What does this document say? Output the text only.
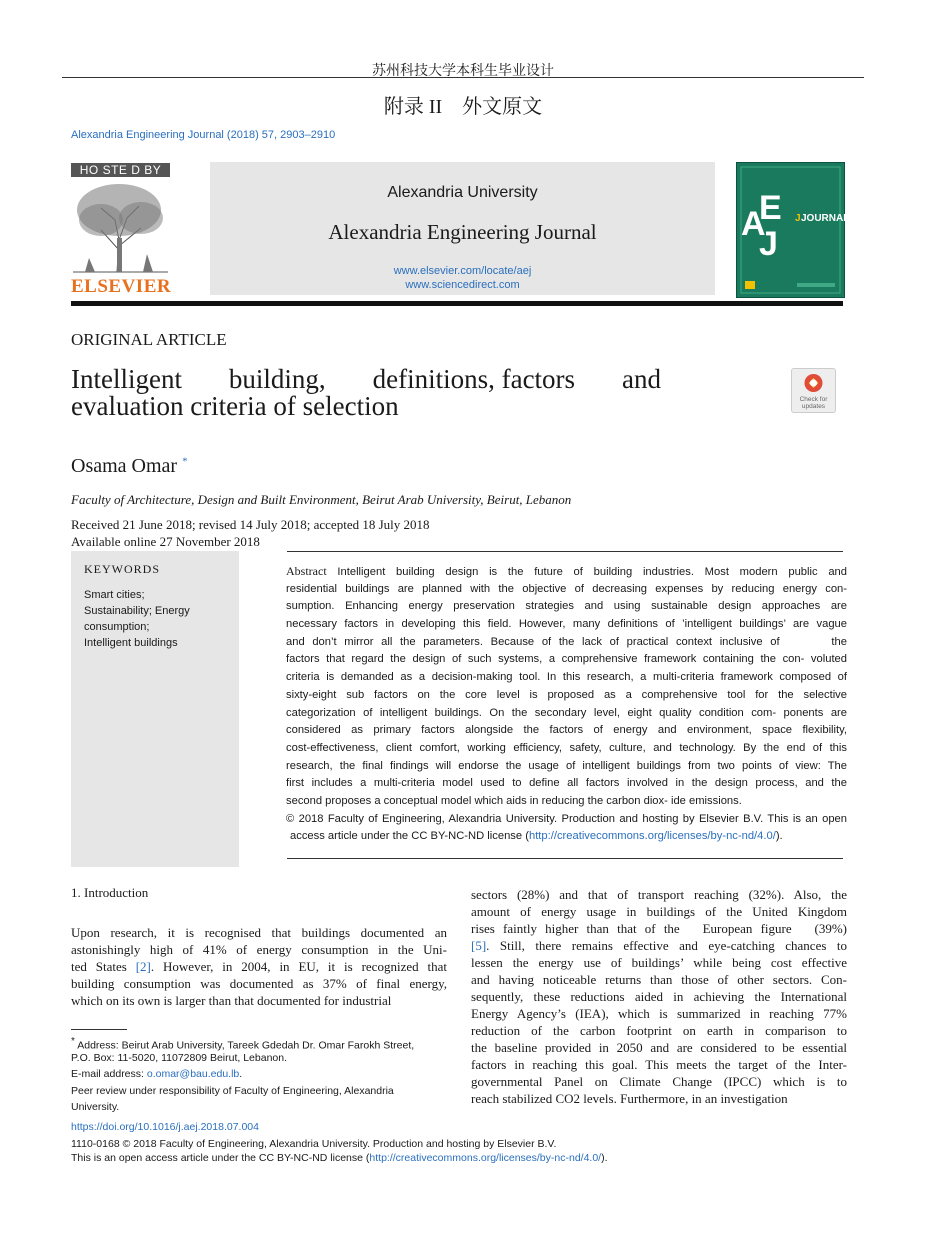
苏州科技大学本科生毕业设计
附录 II　外文原文
Alexandria Engineering Journal (2018) 57, 2903–2910
HO STE D BY
ELSEVIER
Alexandria University
Alexandria Engineering Journal
www.elsevier.com/locate/aej
www.sciencedirect.com
A
E
J
J JOURNAL
ORIGINAL ARTICLE
Intelligent building, definitions, factors and
evaluation criteria of selection	Check for
updates
Osama Omar *
Faculty of Architecture, Design and Built Environment, Beirut Arab University, Beirut, Lebanon
Received 21 June 2018; revised 14 July 2018; accepted 18 July 2018
Available online 27 November 2018
KEYWORDS
Smart cities;
Sustainability; Energy
consumption;
Intelligent buildings
Abstract Intelligent building design is the future of building industries. Most modern public and
residential buildings are planned with the objective of decreasing expenses by reducing energy con-
sumption. Enhancing energy preservation strategies and using sustainable design approaches are
necessary factors in developing this field. However, many definitions of ’intelligent buildings’ are vague
and don’t mirror all the parameters. Because of the lack of practical context inclusive of　　　the
factors that regard the design of such systems, a comprehensive framework containing the con- voluted
criteria is demanded as a decision-making tool. In this research, a multi-criteria framework composed of
sixty-eight sub factors on the core level is proposed as a comprehensive tool for the selective
categorization of intelligent buildings. On the secondary level, eight quality condition com- ponents are
considered as primary factors alongside the factors of energy and environment, space flexibility,
cost-effectiveness, client comfort, working efficiency, safety, culture, and technology. By the end of this
research, the final findings will endorse the usage of intelligent buildings from two points of view: The
first includes a multi-criteria model used to define all factors involved in the design process, and the
second proposes a conceptual model which aids in reducing the carbon diox- ide emissions.
© 2018 Faculty of Engineering, Alexandria University. Production and hosting by Elsevier B.V. This is an open
access article under the CC BY-NC-ND license (http://creativecommons.org/licenses/by-nc-nd/4.0/).
1. Introduction
Upon research, it is recognised that buildings documented an
astonishingly high of 41% of energy consumption in the Uni-
ted States [2]. However, in 2004, in EU, it is recognized that
building consumption was documented as 37% of final energy,
which on its own is larger than that documented for industrial
sectors (28%) and that of transport reaching (32%). Also, the
amount of energy usage in buildings of the United Kingdom
rises faintly higher than that of the　European figure　(39%)
[5]. Still, there remains effective and eye-catching chances to
lessen the energy use of buildings’ while being cost effective
and having noticeable returns than those of other sectors. Con-
sequently, these reductions aided in achieving the International
Energy Agency’s (IEA), which is summarized in reaching 77%
reduction of the carbon footprint on earth in comparison to
the baseline provided in 2050 and are considered to be essential
factors in reaching this goal. This meets the target of the Inter-
governmental Panel on Climate Change (IPCC) which is to
reach stabilized CO2 levels. Furthermore, in an investigation
* Address: Beirut Arab University, Tareek Gdedah Dr. Omar Farokh Street,
P.O. Box: 11-5020, 11072809 Beirut, Lebanon.
E-mail address: o.omar@bau.edu.lb.
Peer review under responsibility of Faculty of Engineering, Alexandria
University.
https://doi.org/10.1016/j.aej.2018.07.004
1110-0168 © 2018 Faculty of Engineering, Alexandria University. Production and hosting by Elsevier B.V.
This is an open access article under the CC BY-NC-ND license (http://creativecommons.org/licenses/by-nc-nd/4.0/).
